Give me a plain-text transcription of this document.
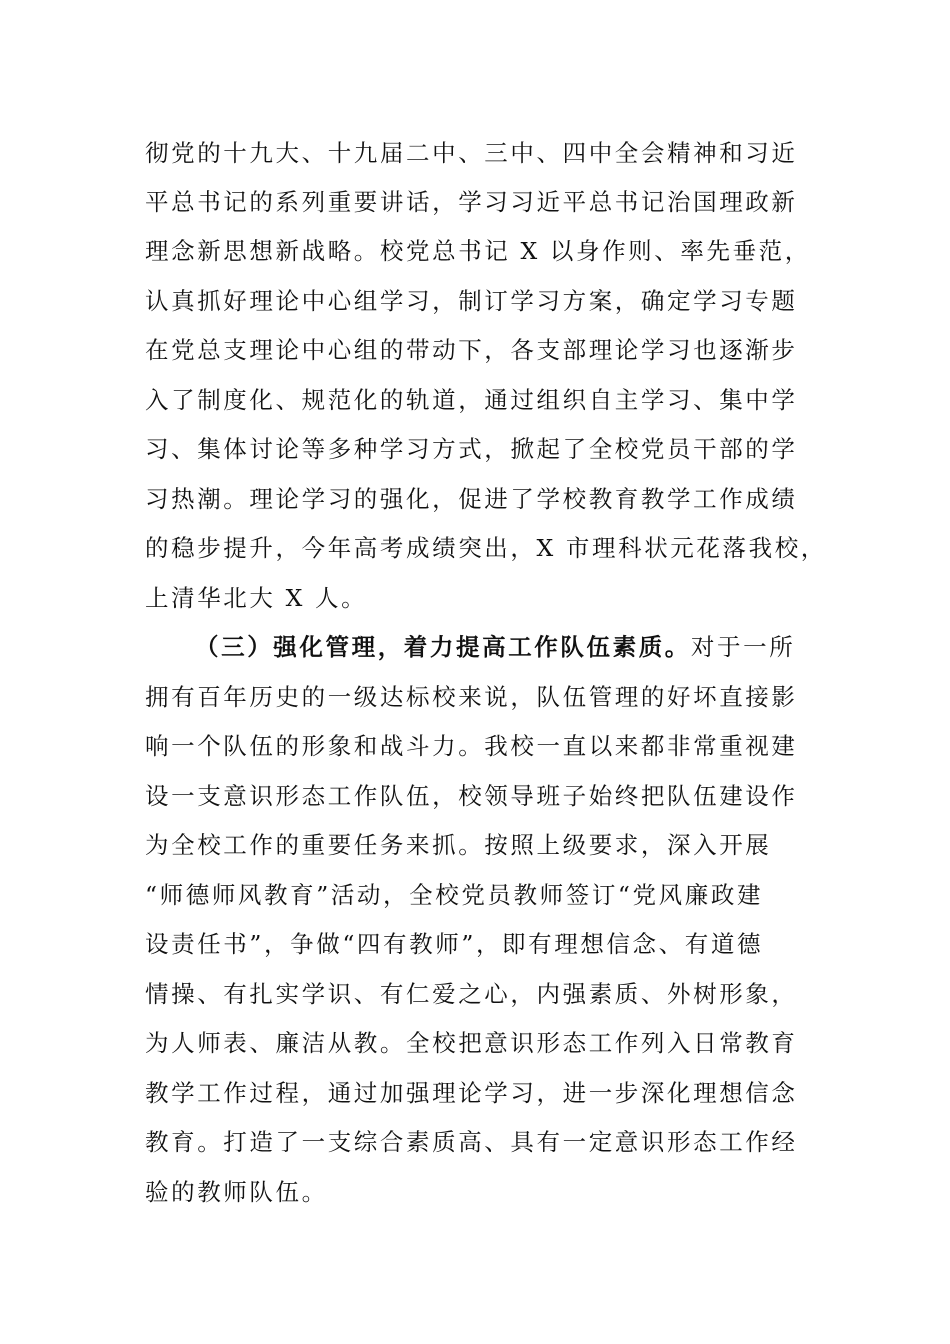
彻党的十九大、十九届二中、三中、四中全会精神和习近
平总书记的系列重要讲话，学习习近平总书记治国理政新
理念新思想新战略。校党总书记 X 以身作则、率先垂范，
认真抓好理论中心组学习，制订学习方案，确定学习专题
在党总支理论中心组的带动下，各支部理论学习也逐渐步
入了制度化、规范化的轨道，通过组织自主学习、集中学
习、集体讨论等多种学习方式，掀起了全校党员干部的学
习热潮。理论学习的强化，促进了学校教育教学工作成绩
的稳步提升，今年高考成绩突出，X 市理科状元花落我校，
上清华北大 X 人。
（三）强化管理，着力提高工作队伍素质。对于一所
拥有百年历史的一级达标校来说，队伍管理的好坏直接影
响一个队伍的形象和战斗力。我校一直以来都非常重视建
设一支意识形态工作队伍，校领导班子始终把队伍建设作
为全校工作的重要任务来抓。按照上级要求，深入开展
“师德师风教育”活动，全校党员教师签订“党风廉政建
设责任书”，争做“四有教师”，即有理想信念、有道德
情操、有扎实学识、有仁爱之心，内强素质、外树形象，
为人师表、廉洁从教。全校把意识形态工作列入日常教育
教学工作过程，通过加强理论学习，进一步深化理想信念
教育。打造了一支综合素质高、具有一定意识形态工作经
验的教师队伍。
